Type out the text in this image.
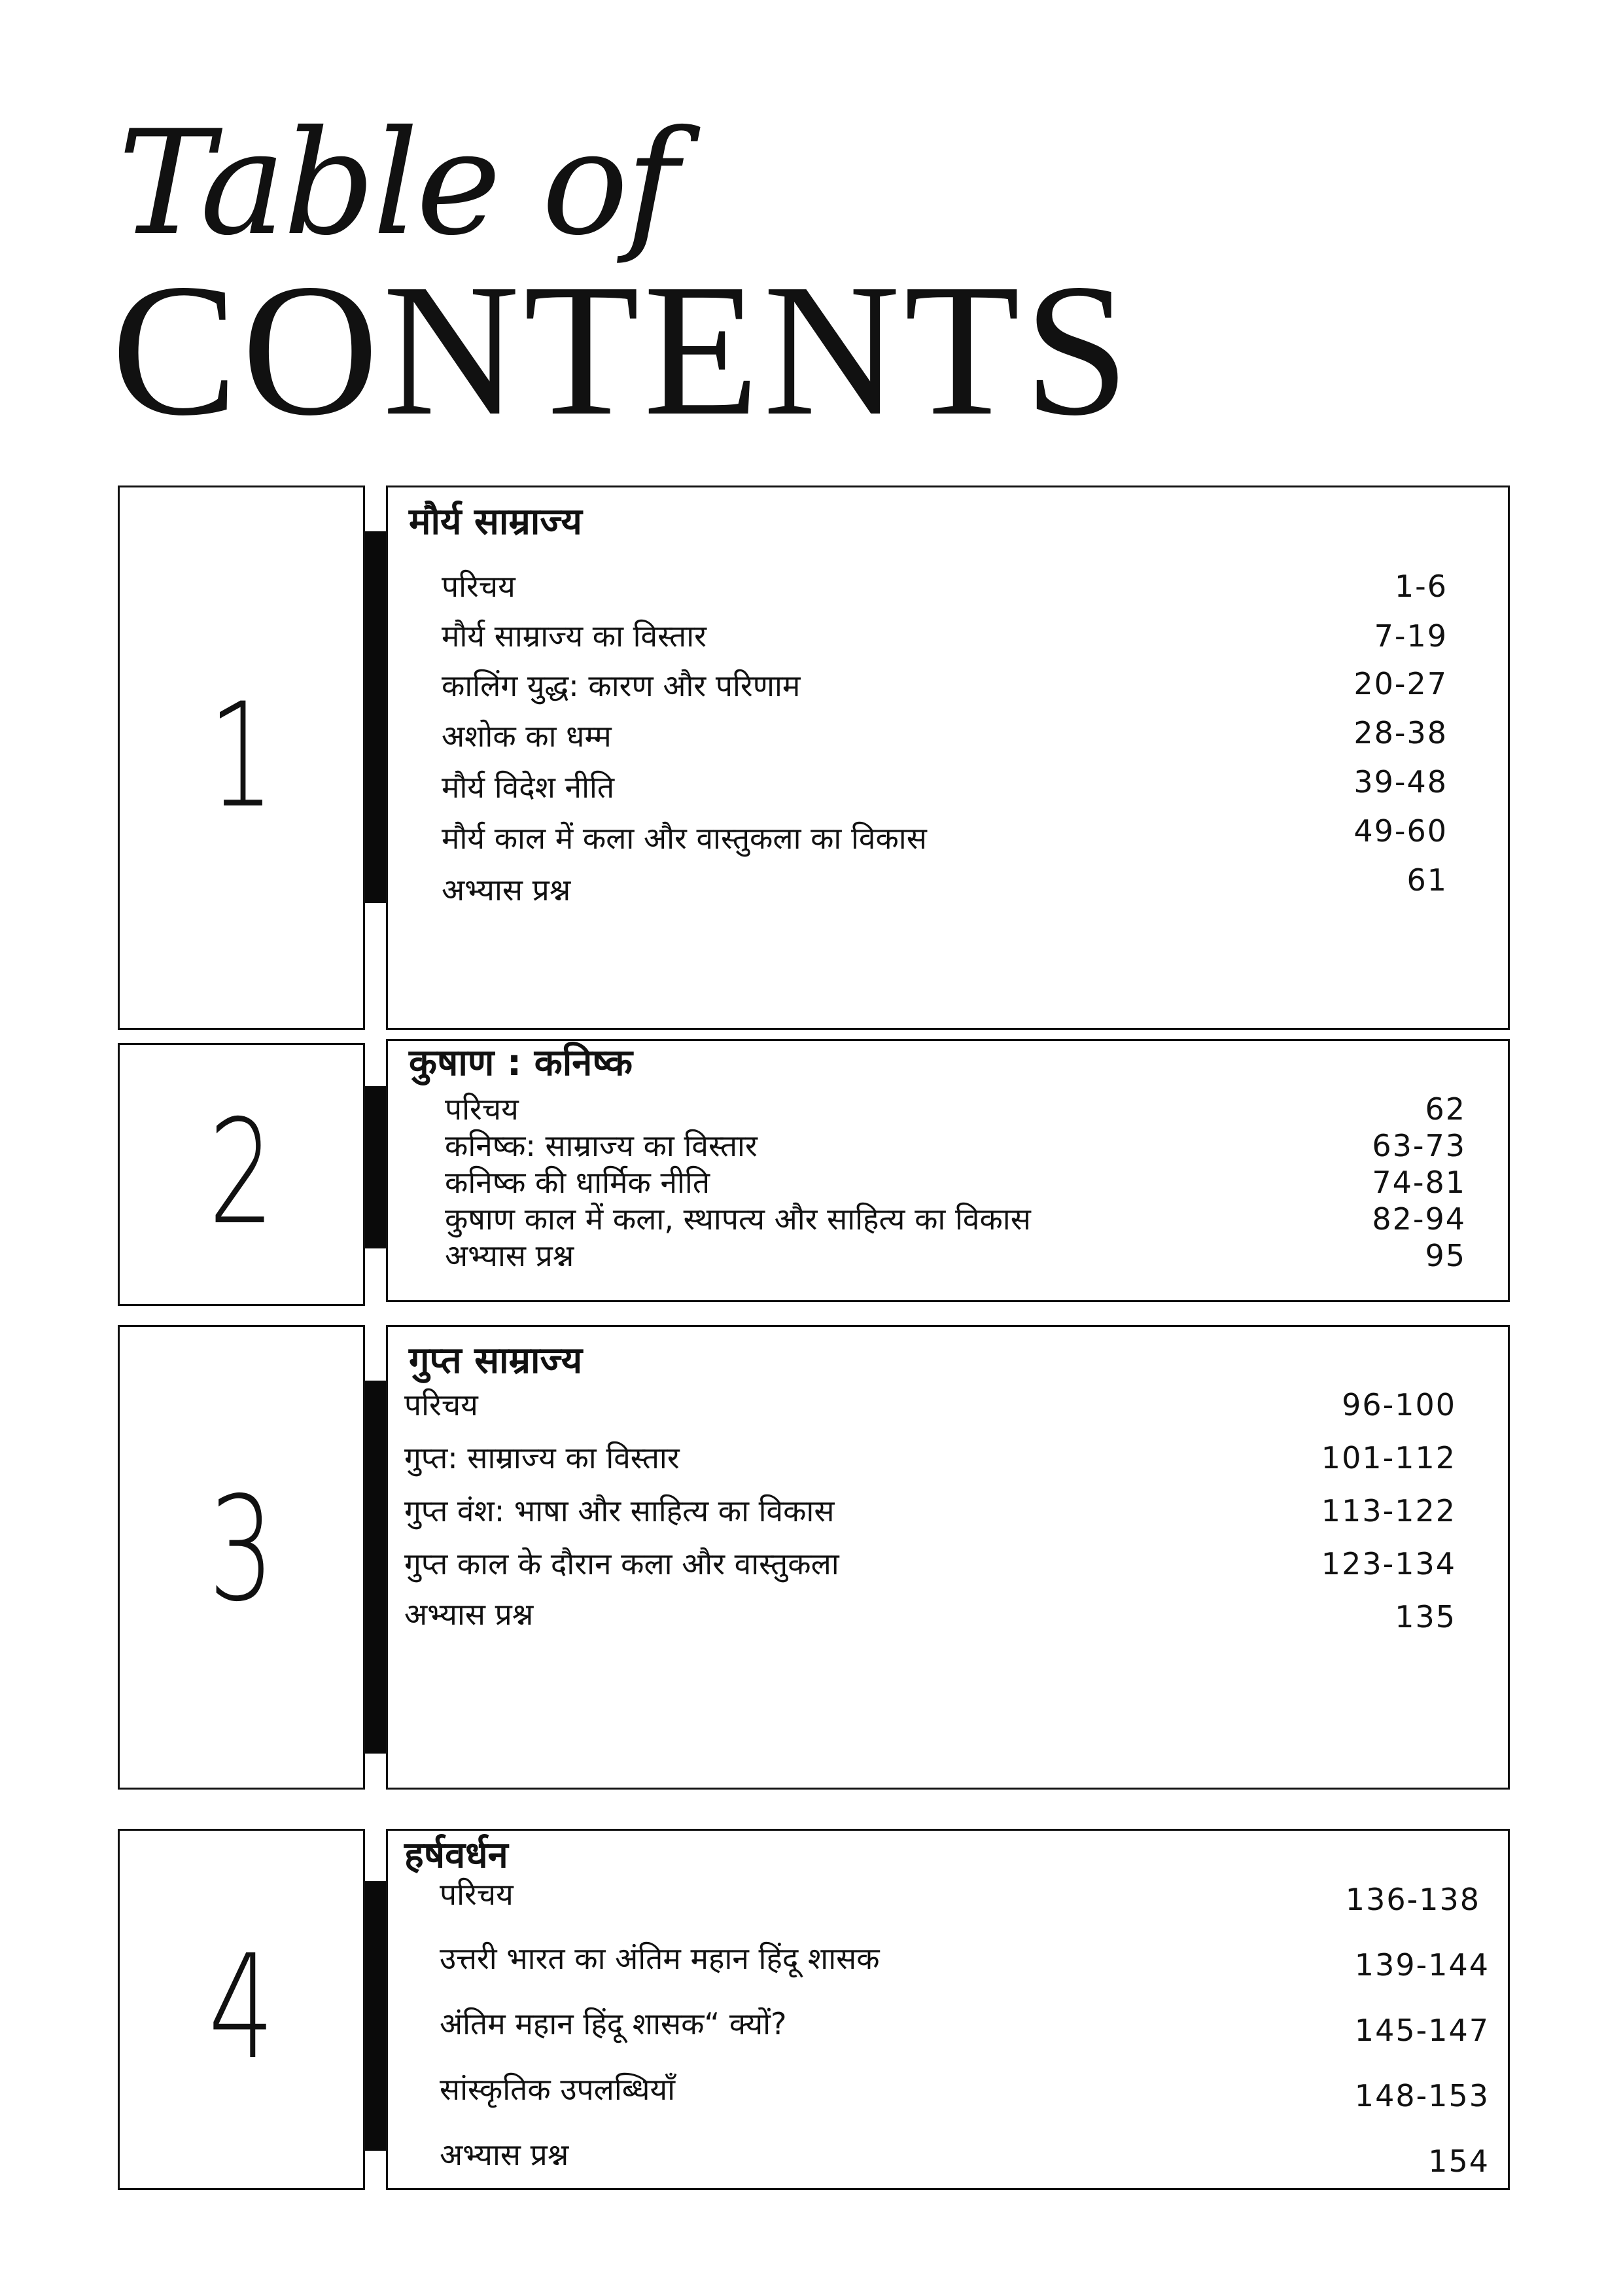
Table of
CONTENTS
1
मौर्य साम्राज्य
परिचय	1-6
मौर्य साम्राज्य का विस्तार	7-19
कालिंग युद्ध: कारण और परिणाम	20-27
अशोक का धम्म	28-38
मौर्य विदेश नीति	39-48
मौर्य काल में कला और वास्तुकला का विकास	49-60
अभ्यास प्रश्न	61
2
कुषाण : कनिष्क
परिचय	62
कनिष्क: साम्राज्य का विस्तार	63-73
कनिष्क की धार्मिक नीति	74-81
कुषाण काल में कला, स्थापत्य और साहित्य का विकास	82-94
अभ्यास प्रश्न	95
3
गुप्त साम्राज्य
परिचय	96-100
गुप्त: साम्राज्य का विस्तार	101-112
गुप्त वंश: भाषा और साहित्य का विकास	113-122
गुप्त काल के दौरान कला और वास्तुकला	123-134
अभ्यास प्रश्न	135
4
हर्षवर्धन
परिचय	136-138
उत्तरी भारत का अंतिम महान हिंदू शासक	139-144
अंतिम महान हिंदू शासक“ क्यों?	145-147
सांस्कृतिक उपलब्धियाँ	148-153
अभ्यास प्रश्न	154
